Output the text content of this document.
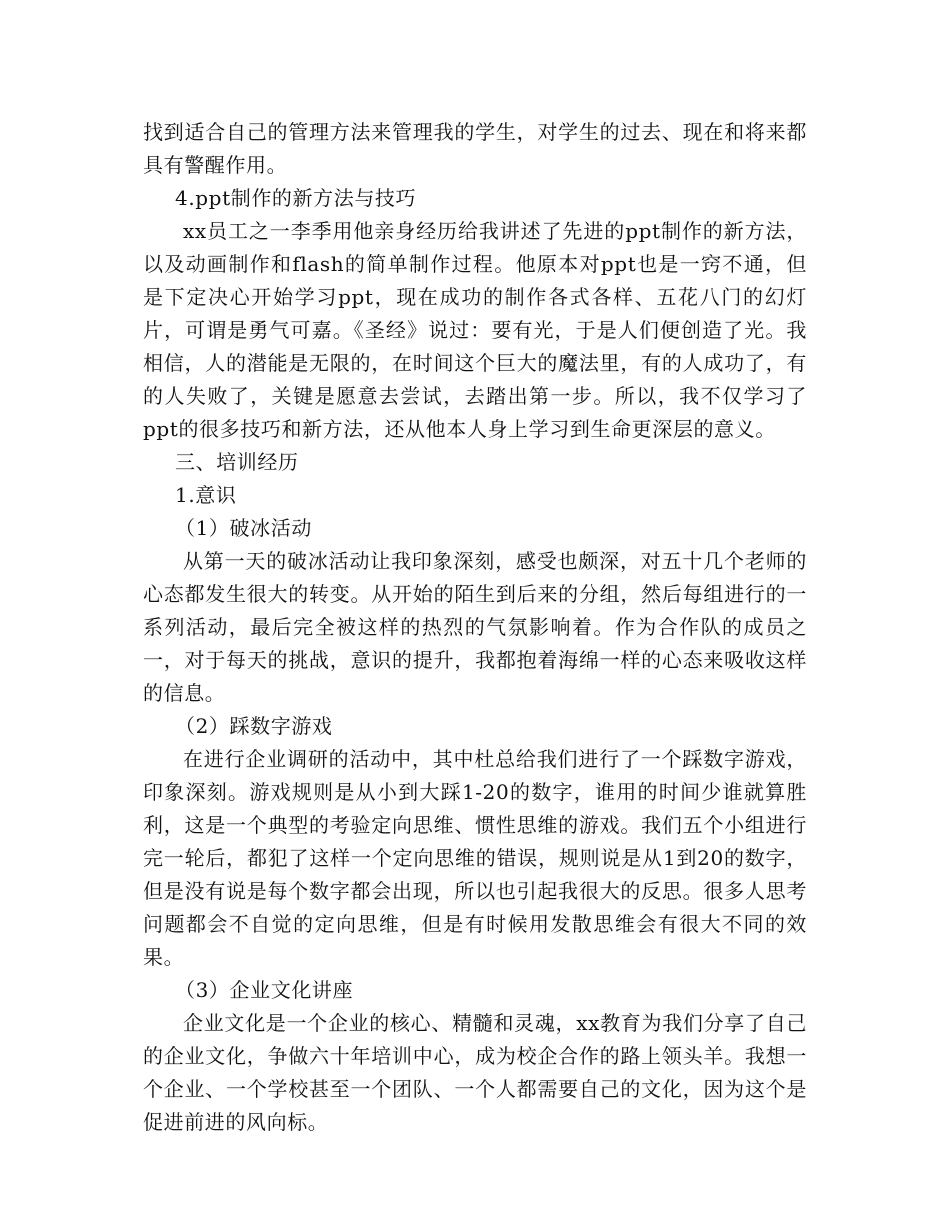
找到适合自己的管理方法来管理我的学生，对学生的过去、现在和将来都具有警醒作用。

4.ppt制作的新方法与技巧

xx员工之一李季用他亲身经历给我讲述了先进的ppt制作的新方法，以及动画制作和flash的简单制作过程。他原本对ppt也是一窍不通，但是下定决心开始学习ppt，现在成功的制作各式各样、五花八门的幻灯片，可谓是勇气可嘉。《圣经》说过：要有光，于是人们便创造了光。我相信，人的潜能是无限的，在时间这个巨大的魔法里，有的人成功了，有的人失败了，关键是愿意去尝试，去踏出第一步。所以，我不仅学习了ppt的很多技巧和新方法，还从他本人身上学习到生命更深层的意义。

三、培训经历

1.意识

（1）破冰活动

从第一天的破冰活动让我印象深刻，感受也颇深，对五十几个老师的心态都发生很大的转变。从开始的陌生到后来的分组，然后每组进行的一系列活动，最后完全被这样的热烈的气氛影响着。作为合作队的成员之一，对于每天的挑战，意识的提升，我都抱着海绵一样的心态来吸收这样的信息。

（2）踩数字游戏

在进行企业调研的活动中，其中杜总给我们进行了一个踩数字游戏，印象深刻。游戏规则是从小到大踩1-20的数字，谁用的时间少谁就算胜利，这是一个典型的考验定向思维、惯性思维的游戏。我们五个小组进行完一轮后，都犯了这样一个定向思维的错误，规则说是从1到20的数字，但是没有说是每个数字都会出现，所以也引起我很大的反思。很多人思考问题都会不自觉的定向思维，但是有时候用发散思维会有很大不同的效果。

（3）企业文化讲座

企业文化是一个企业的核心、精髓和灵魂，xx教育为我们分享了自己的企业文化，争做六十年培训中心，成为校企合作的路上领头羊。我想一个企业、一个学校甚至一个团队、一个人都需要自己的文化，因为这个是促进前进的风向标。
